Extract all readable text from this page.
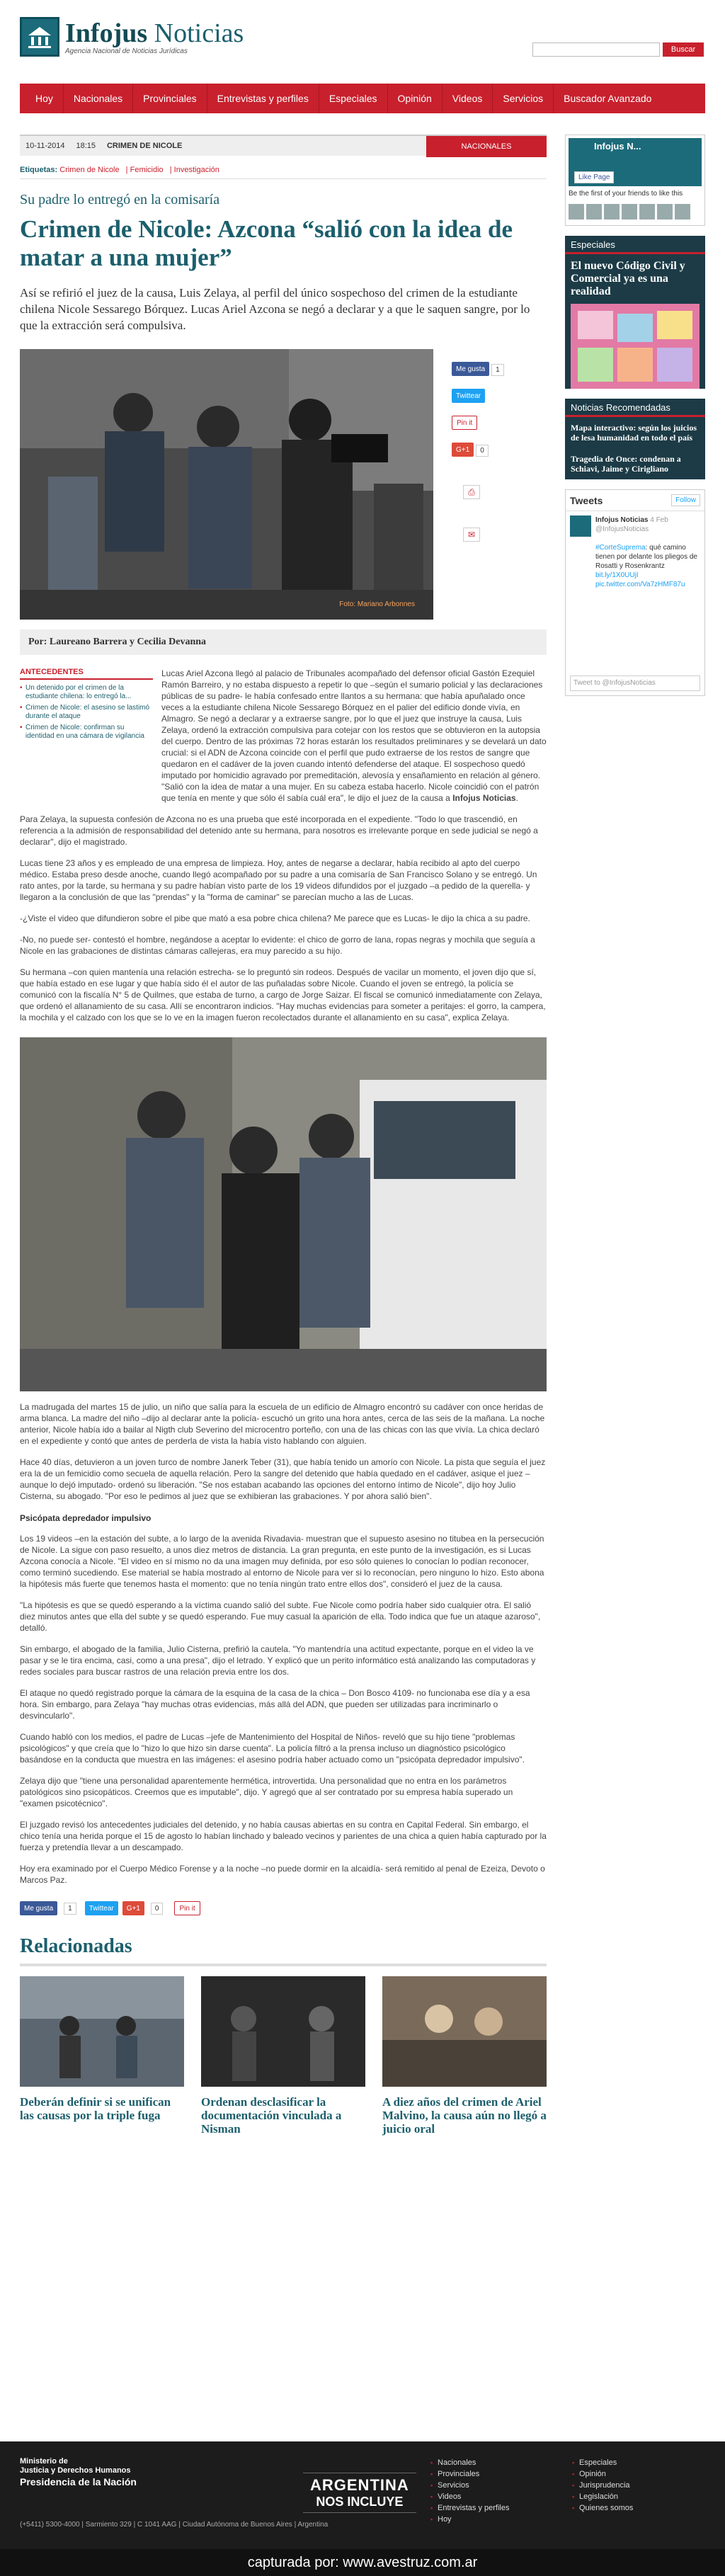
Infojus Noticias
Agencia Nacional de Noticias Jurídicas	Buscar
Hoy	Nacionales	Provinciales	Entrevistas y perfiles	Especiales	Opinión	Videos	Servicios	Buscador Avanzado
10-11-2014	18:15	CRIMEN DE NICOLE	NACIONALES
Etiquetas: Crimen de Nicole | Femicidio | Investigación
Su padre lo entregó en la comisaría
Crimen de Nicole: Azcona “salió con la idea de matar a una mujer”
Así se refirió el juez de la causa, Luis Zelaya, al perfil del único sospechoso del crimen de la estudiante chilena Nicole Sessarego Bórquez. Lucas Ariel Azcona se negó a declarar y a que le saquen sangre, por lo que la extracción será compulsiva.
Foto: Mariano Arbonnes
Me gusta 1
Twittear
Pin it
G+1 0
⎙
✉
Por: Laureano Barrera y Cecilia Devanna
ANTECEDENTES
• Un detenido por el crimen de la estudiante chilena: lo entregó la...
• Crimen de Nicole: el asesino se lastimó durante el ataque
• Crimen de Nicole: confirman su identidad en una cámara de vigilancia
Lucas Ariel Azcona llegó al palacio de Tribunales acompañado del defensor oficial Gastón Ezequiel Ramón Barreiro, y no estaba dispuesto a repetir lo que –según el sumario policial y las declaraciones públicas de su padre- le había confesado entre llantos a su hermana: que había apuñalado once veces a la estudiante chilena Nicole Sessarego Bórquez en el palier del edificio donde vivía, en Almagro. Se negó a declarar y a extraerse sangre, por lo que el juez que instruye la causa, Luis Zelaya, ordenó la extracción compulsiva para cotejar con los restos que se obtuvieron en la autopsia del cuerpo. Dentro de las próximas 72 horas estarán los resultados preliminares y se develará un dato crucial: si el ADN de Azcona coincide con el perfil que pudo extraerse de los restos de sangre que quedaron en el cadáver de la joven cuando intentó defenderse del ataque. El sospechoso quedó imputado por homicidio agravado por premeditación, alevosía y ensañamiento en relación al género. "Salió con la idea de matar a una mujer. En su cabeza estaba hacerlo. Nicole coincidió con el patrón que tenía en mente y que sólo él sabía cuál era", le dijo el juez de la causa a Infojus Noticias.

Para Zelaya, la supuesta confesión de Azcona no es una prueba que esté incorporada en el expediente. "Todo lo que trascendió, en referencia a la admisión de responsabilidad del detenido ante su hermana, para nosotros es irrelevante porque en sede judicial se negó a declarar", dijo el magistrado.

Lucas tiene 23 años y es empleado de una empresa de limpieza. Hoy, antes de negarse a declarar, había recibido al apto del cuerpo médico. Estaba preso desde anoche, cuando llegó acompañado por su padre a una comisaría de San Francisco Solano y se entregó. Un rato antes, por la tarde, su hermana y su padre habían visto parte de los 19 videos difundidos por el juzgado –a pedido de la querella- y llegaron a la conclusión de que las "prendas" y la "forma de caminar" se parecían mucho a las de Lucas.

-¿Viste el video que difundieron sobre el pibe que mató a esa pobre chica chilena? Me parece que es Lucas- le dijo la chica a su padre.

-No, no puede ser- contestó el hombre, negándose a aceptar lo evidente: el chico de gorro de lana, ropas negras y mochila que seguía a Nicole en las grabaciones de distintas cámaras callejeras, era muy parecido a su hijo.

Su hermana –con quien mantenía una relación estrecha- se lo preguntó sin rodeos. Después de vacilar un momento, el joven dijo que sí, que había estado en ese lugar y que había sido él el autor de las puñaladas sobre Nicole. Cuando el joven se entregó, la policía se comunicó con la fiscalía N° 5 de Quilmes, que estaba de turno, a cargo de Jorge Saizar. El fiscal se comunicó inmediatamente con Zelaya, que ordenó el allanamiento de su casa. Allí se encontraron indicios. "Hay muchas evidencias para someter a peritajes: el gorro, la campera, la mochila y el calzado con los que se lo ve en la imagen fueron recolectados durante el allanamiento en su casa", explica Zelaya.

La madrugada del martes 15 de julio, un niño que salía para la escuela de un edificio de Almagro encontró su cadáver con once heridas de arma blanca. La madre del niño –dijo al declarar ante la policía- escuchó un grito una hora antes, cerca de las seis de la mañana. La noche anterior, Nicole había ido a bailar al Nigth club Severino del microcentro porteño, con una de las chicas con las que vivía. La chica declaró en el expediente y contó que antes de perderla de vista la había visto hablando con alguien.

Hace 40 días, detuvieron a un joven turco de nombre Janerk Teber (31), que había tenido un amorío con Nicole. La pista que seguía el juez era la de un femicidio como secuela de aquella relación. Pero la sangre del detenido que había quedado en el cadáver, asique el juez –aunque lo dejó imputado- ordenó su liberación. "Se nos estaban acabando las opciones del entorno íntimo de Nicole", dijo hoy Julio Cisterna, su abogado. "Por eso le pedimos al juez que se exhibieran las grabaciones. Y por ahora salió bien".

Psicópata depredador impulsivo

Los 19 videos –en la estación del subte, a lo largo de la avenida Rivadavia- muestran que el supuesto asesino no titubea en la persecución de Nicole. La sigue con paso resuelto, a unos diez metros de distancia. La gran pregunta, en este punto de la investigación, es si Lucas Azcona conocía a Nicole. "El video en sí mismo no da una imagen muy definida, por eso sólo quienes lo conocían lo podían reconocer, como terminó sucediendo. Ese material se había mostrado al entorno de Nicole para ver si lo reconocían, pero ninguno lo hizo. Esto abona la hipótesis más fuerte que tenemos hasta el momento: que no tenía ningún trato entre ellos dos", consideró el juez de la causa.

"La hipótesis es que se quedó esperando a la víctima cuando salió del subte. Fue Nicole como podría haber sido cualquier otra. El salió diez minutos antes que ella del subte y se quedó esperando. Fue muy casual la aparición de ella. Todo indica que fue un ataque azaroso", detalló.

Sin embargo, el abogado de la familia, Julio Cisterna, prefirió la cautela. "Yo mantendría una actitud expectante, porque en el video la ve pasar y se le tira encima, casi, como a una presa", dijo el letrado. Y explicó que un perito informático está analizando las computadoras y redes sociales para buscar rastros de una relación previa entre los dos.

El ataque no quedó registrado porque la cámara de la esquina de la casa de la chica – Don Bosco 4109- no funcionaba ese día y a esa hora. Sin embargo, para Zelaya "hay muchas otras evidencias, más allá del ADN, que pueden ser utilizadas para incriminarlo o desvincularlo".

Cuando habló con los medios, el padre de Lucas –jefe de Mantenimiento del Hospital de Niños- reveló que su hijo tiene "problemas psicológicos" y que creía que lo "hizo lo que hizo sin darse cuenta". La policía filtró a la prensa incluso un diagnóstico psicológico basándose en la conducta que muestra en las imágenes: el asesino podría haber actuado como un "psicópata depredador impulsivo".

Zelaya dijo que "tiene una personalidad aparentemente hermética, introvertida. Una personalidad que no entra en los parámetros patológicos sino psicopáticos. Creemos que es imputable", dijo. Y agregó que al ser contratado por su empresa había superado un "examen psicotécnico".

El juzgado revisó los antecedentes judiciales del detenido, y no había causas abiertas en su contra en Capital Federal. Sin embargo, el chico tenía una herida porque el 15 de agosto lo habían linchado y baleado vecinos y parientes de una chica a quien había capturado por la fuerza y pretendía llevar a un descampado.

Hoy era examinado por el Cuerpo Médico Forense y a la noche –no puede dormir en la alcaidía- será remitido al penal de Ezeiza, Devoto o Marcos Paz.

Me gusta	1	Twittear	G+1	0	Pin it
Relacionadas
Deberán definir si se unifican las causas por la triple fuga
Ordenan desclasificar la documentación vinculada a Nisman
A diez años del crimen de Ariel Malvino, la causa aún no llegó a juicio oral
Infojus N...
Like Page
Be the first of your friends to like this
Especiales
El nuevo Código Civil y Comercial ya es una realidad
Noticias Recomendadas
Mapa interactivo: según los juicios de lesa humanidad en todo el país
Tragedia de Once: condenan a Schiavi, Jaime y Cirigliano
Tweets	Follow
Infojus Noticias 4 Feb
@InfojusNoticias

#CorteSuprema: qué camino tienen por delante los pliegos de Rosatti y Rosenkrantz bit.ly/1X0UUjI pic.twitter.com/Va7zHMF87u
Tweet to @InfojusNoticias
Ministerio de
Justicia y Derechos Humanos
Presidencia de la Nación
(+5411) 5300-4000 | Sarmiento 329 | C 1041 AAG | Ciudad Autónoma de Buenos Aires | Argentina
ARGENTINA
NOS INCLUYE
▪ Nacionales
▪ Provinciales
▪ Servicios
▪ Videos
▪ Entrevistas y perfiles
▪ Hoy
▪ Especiales
▪ Opinión
▪ Jurisprudencia
▪ Legislación
▪ Quienes somos
capturada por: www.avestruz.com.ar
